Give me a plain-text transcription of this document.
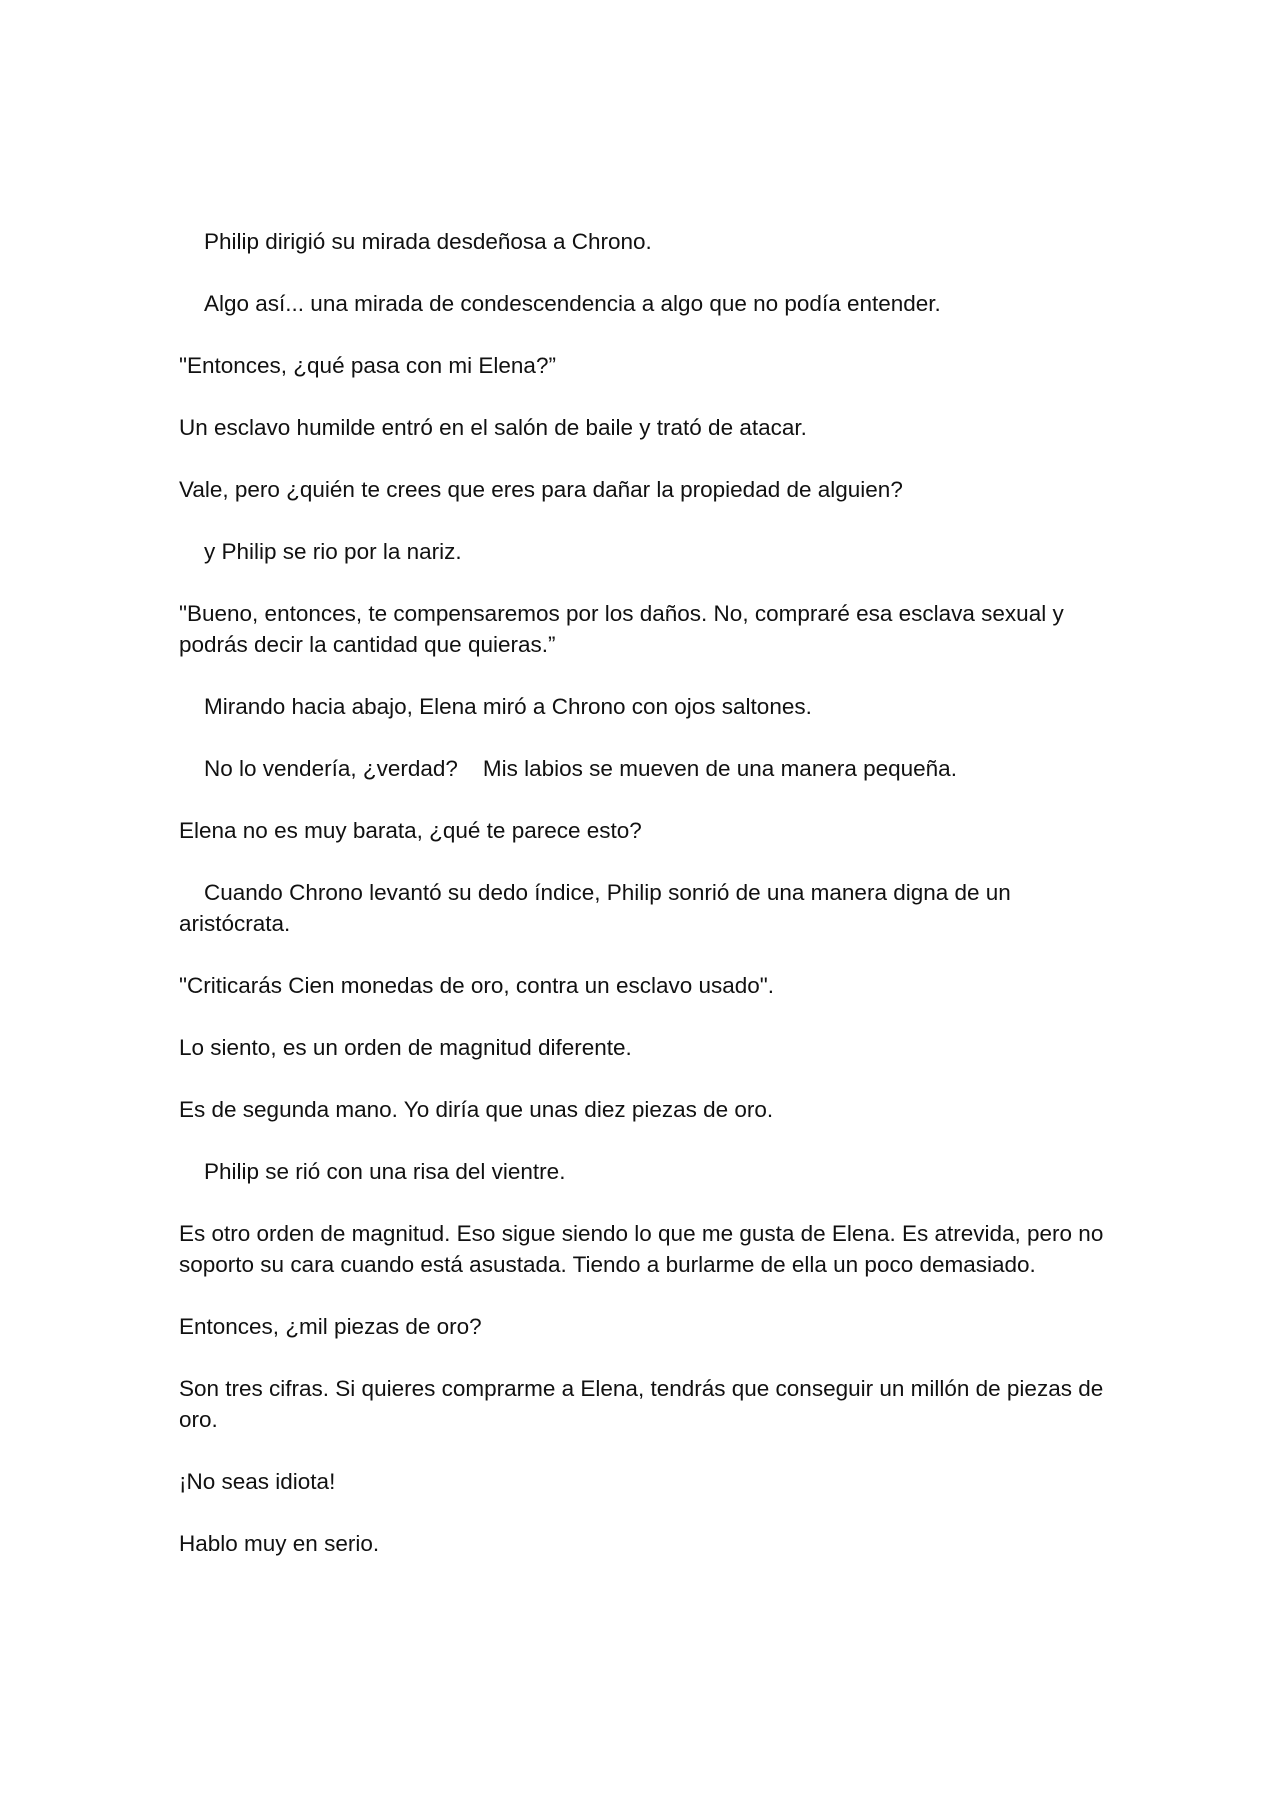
Philip dirigió su mirada desdeñosa a Chrono.

Algo así... una mirada de condescendencia a algo que no podía entender.

"Entonces, ¿qué pasa con mi Elena?”

Un esclavo humilde entró en el salón de baile y trató de atacar.

Vale, pero ¿quién te crees que eres para dañar la propiedad de alguien?

y Philip se rio por la nariz.

"Bueno, entonces, te compensaremos por los daños. No, compraré esa esclava sexual y podrás decir la cantidad que quieras.”

Mirando hacia abajo, Elena miró a Chrono con ojos saltones.

No lo vendería, ¿verdad?    Mis labios se mueven de una manera pequeña.

Elena no es muy barata, ¿qué te parece esto?

Cuando Chrono levantó su dedo índice, Philip sonrió de una manera digna de un aristócrata.

"Criticarás Cien monedas de oro, contra un esclavo usado".

Lo siento, es un orden de magnitud diferente.

Es de segunda mano. Yo diría que unas diez piezas de oro.

Philip se rió con una risa del vientre.

Es otro orden de magnitud. Eso sigue siendo lo que me gusta de Elena. Es atrevida, pero no soporto su cara cuando está asustada. Tiendo a burlarme de ella un poco demasiado.

Entonces, ¿mil piezas de oro?

Son tres cifras. Si quieres comprarme a Elena, tendrás que conseguir un millón de piezas de oro.

¡No seas idiota!

Hablo muy en serio.
